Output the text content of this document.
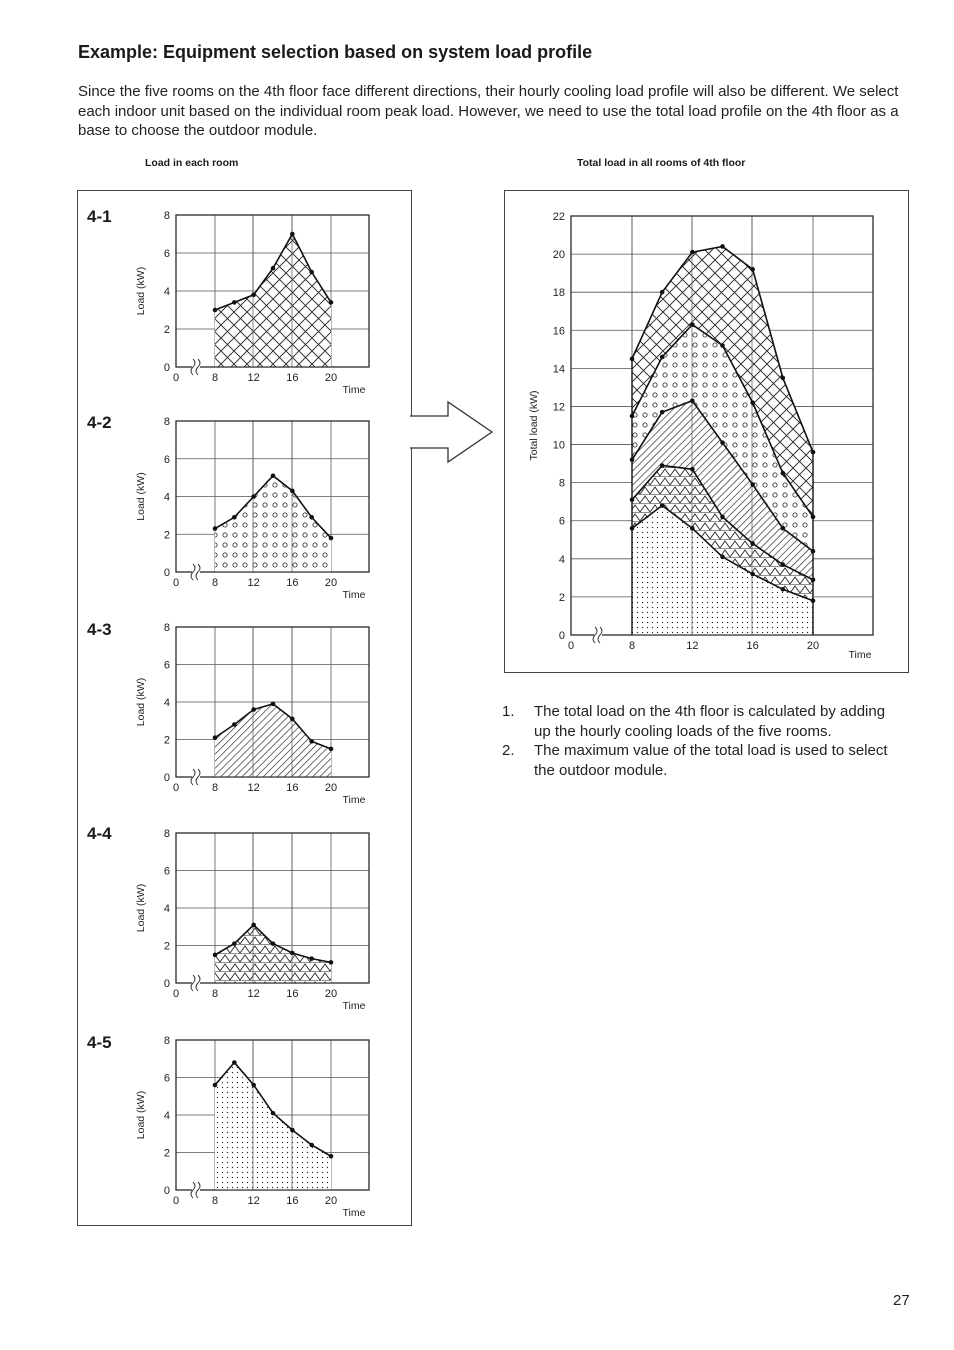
Example: Equipment selection based on system load profile

Since the five rooms on the 4th floor face different directions, their hourly cooling load profile will also be different. We select each indoor unit based on the individual room peak load. However, we need to use the total load profile on the 4th floor as a base to choose the outdoor module.

Load in each room	Total load in all rooms of 4th floor
0
2
4
6
8
0	8	12 16 20
Time
Load (kW)
0
2
4
6
8
0	8	12 16 20
Time
Load (kW)
0
2
4
6
8
0	8	12 16 20
Time
Load (kW)
0
2
4
6
8
0	8	12 16 20
Time
Load (kW)
0
2
4
6
8
0	8	12 16 20
Time
Load (kW)
0
2
4
6
8
10
12
14
16
18
20
22
0	8	12	16	20
Time
Total load (kW)
4-1
4-2
4-3
4-4
4-5
1. The total load on the 4th floor is calculated by adding up the hourly cooling loads of the five rooms.
2. The maximum value of the total load is used to select the outdoor module.
27
